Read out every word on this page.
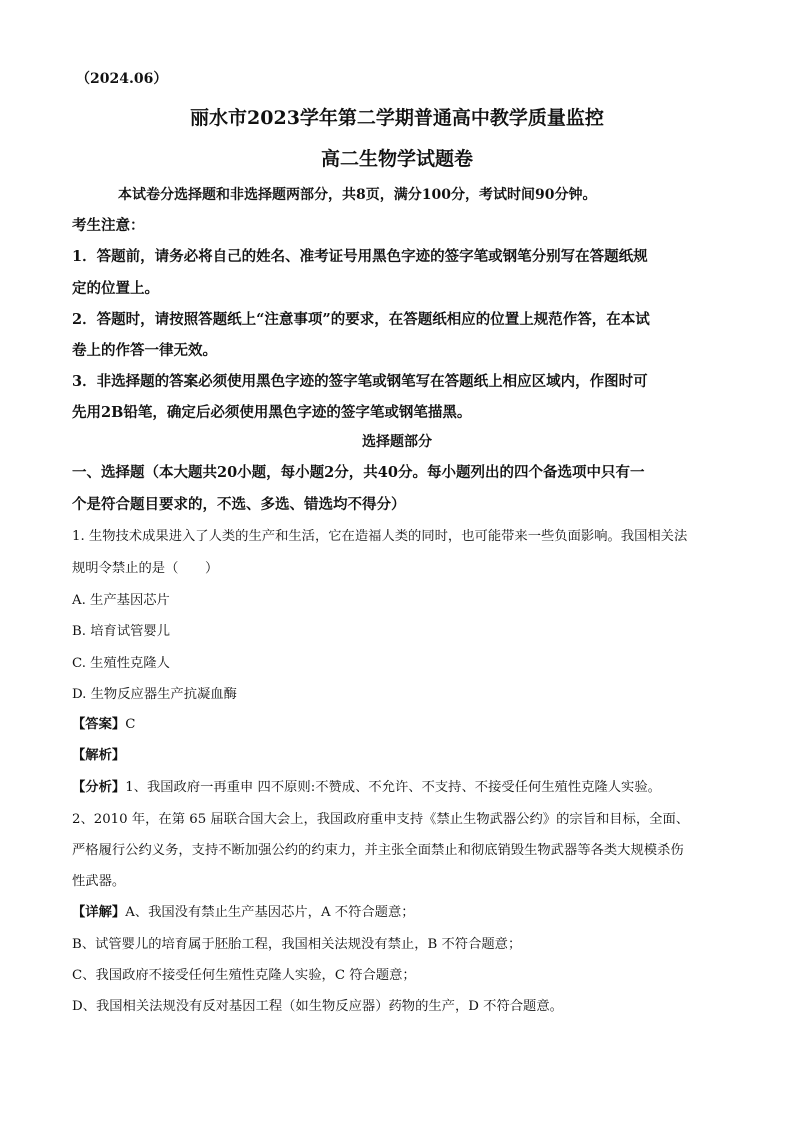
（2024.06）
丽水市2023学年第二学期普通高中教学质量监控
高二生物学试题卷
本试卷分选择题和非选择题两部分，共8页，满分100分，考试时间90分钟。
考生注意：
1．答题前，请务必将自己的姓名、准考证号用黑色字迹的签字笔或钢笔分别写在答题纸规
定的位置上。
2．答题时，请按照答题纸上“注意事项”的要求，在答题纸相应的位置上规范作答，在本试
卷上的作答一律无效。
3．非选择题的答案必须使用黑色字迹的签字笔或钢笔写在答题纸上相应区域内，作图时可
先用2B铅笔，确定后必须使用黑色字迹的签字笔或钢笔描黑。
选择题部分
一、选择题（本大题共20小题，每小题2分，共40分。每小题列出的四个备选项中只有一
个是符合题目要求的，不选、多选、错选均不得分）
1. 生物技术成果进入了人类的生产和生活，它在造福人类的同时，也可能带来一些负面影响。我国相关法
规明令禁止的是（　　）
A. 生产基因芯片
B. 培育试管婴儿
C. 生殖性克隆人
D. 生物反应器生产抗凝血酶
【答案】C
【解析】
【分析】1、我国政府一再重申 四不原则:不赞成、不允许、不支持、不接受任何生殖性克隆人实验。
2、2010 年，在第 65 届联合国大会上，我国政府重申支持《禁止生物武器公约》的宗旨和目标，全面、
严格履行公约义务，支持不断加强公约的约束力，并主张全面禁止和彻底销毁生物武器等各类大规模杀伤
性武器。
【详解】A、我国没有禁止生产基因芯片，A 不符合题意；
B、试管婴儿的培育属于胚胎工程，我国相关法规没有禁止，B 不符合题意；
C、我国政府不接受任何生殖性克隆人实验，C 符合题意；
D、我国相关法规没有反对基因工程（如生物反应器）药物的生产，D 不符合题意。
